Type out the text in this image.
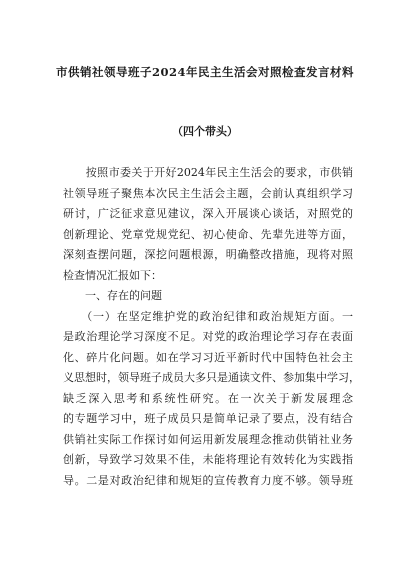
市供销社领导班子2024年民主生活会对照检查发言材料
（四个带头）
　　按照市委关于开好2024年民主生活会的要求，市供销
社领导班子聚焦本次民主生活会主题，会前认真组织学习
研讨，广泛征求意见建议，深入开展谈心谈话，对照党的
创新理论、党章党规党纪、初心使命、先辈先进等方面，
深刻查摆问题，深挖问题根源，明确整改措施，现将对照
检查情况汇报如下：
　　一、存在的问题
　　（一）在坚定维护党的政治纪律和政治规矩方面。一
是政治理论学习深度不足。对党的政治理论学习存在表面
化、碎片化问题。如在学习习近平新时代中国特色社会主
义思想时，领导班子成员大多只是通读文件、参加集中学习，
缺乏深入思考和系统性研究。在一次关于新发展理念
的专题学习中，班子成员只是简单记录了要点，没有结合
供销社实际工作探讨如何运用新发展理念推动供销社业务
创新，导致学习效果不佳，未能将理论有效转化为实践指
导。二是对政治纪律和规矩的宣传教育力度不够。领导班
